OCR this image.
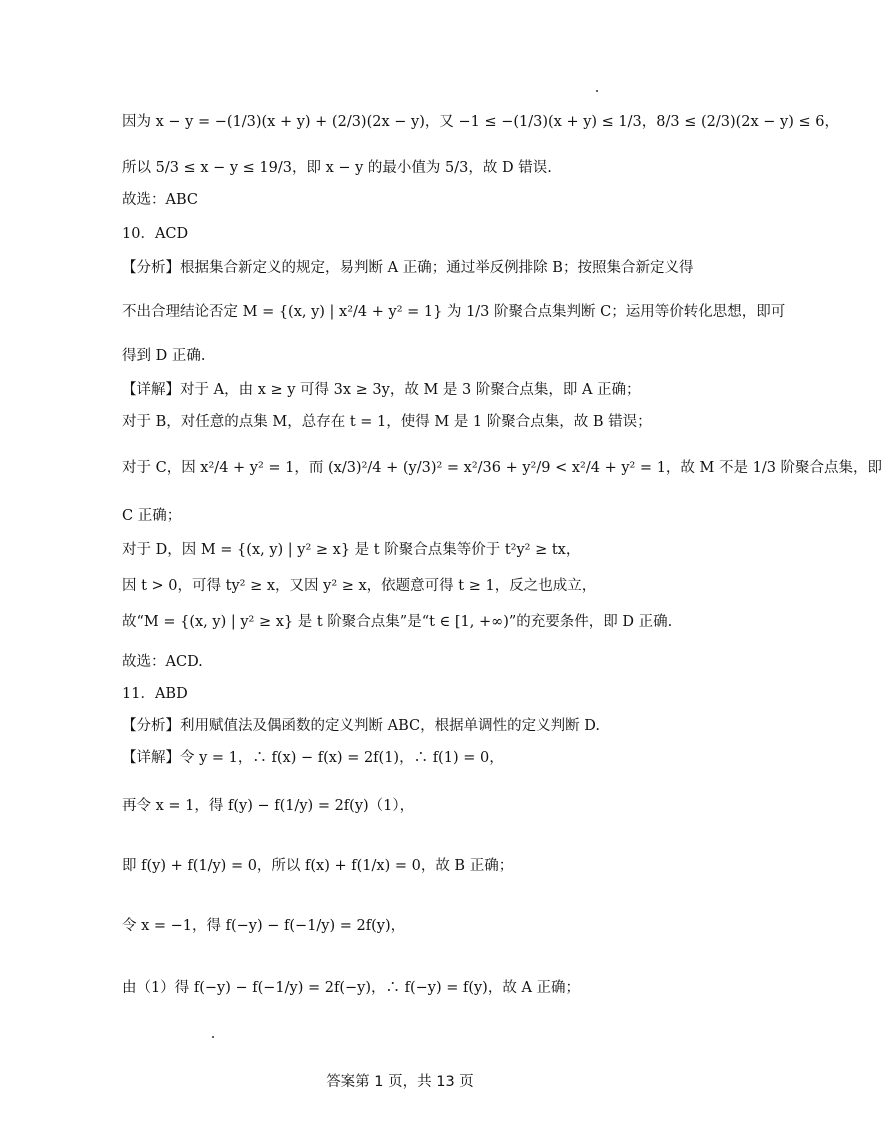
答案第 1 页，共 13 页
因为 x − y = −(1/3)(x + y) + (2/3)(2x − y)，又 −1 ≤ −(1/3)(x + y) ≤ 1/3，8/3 ≤ (2/3)(2x − y) ≤ 6，
所以 5/3 ≤ x − y ≤ 19/3，即 x − y 的最小值为 5/3，故 D 错误.
故选：ABC
10．ACD
【分析】根据集合新定义的规定，易判断 A 正确；通过举反例排除 B；按照集合新定义得
不出合理结论否定 M = {(x, y) | x²/4 + y² = 1} 为 1/3 阶聚合点集判断 C；运用等价转化思想，即可
得到 D 正确.
【详解】对于 A，由 x ≥ y 可得 3x ≥ 3y，故 M 是 3 阶聚合点集，即 A 正确；
对于 B，对任意的点集 M，总存在 t = 1，使得 M 是 1 阶聚合点集，故 B 错误；
对于 C，因 x²/4 + y² = 1，而 (x/3)²/4 + (y/3)² = x²/36 + y²/9 < x²/4 + y² = 1，故 M 不是 1/3 阶聚合点集，即
C 正确；
对于 D，因 M = {(x, y) | y² ≥ x} 是 t 阶聚合点集等价于 t²y² ≥ tx，
因 t > 0，可得 ty² ≥ x，又因 y² ≥ x，依题意可得 t ≥ 1，反之也成立，
故“M = {(x, y) | y² ≥ x} 是 t 阶聚合点集”是“t ∈ [1, +∞)”的充要条件，即 D 正确.
故选：ACD.
11．ABD
【分析】利用赋值法及偶函数的定义判断 ABC，根据单调性的定义判断 D.
【详解】令 y = 1，∴ f(x) − f(x) = 2f(1)，∴ f(1) = 0，
再令 x = 1，得 f(y) − f(1/y) = 2f(y)（1），
即 f(y) + f(1/y) = 0，所以 f(x) + f(1/x) = 0，故 B 正确；
令 x = −1，得 f(−y) − f(−1/y) = 2f(y)，
由（1）得 f(−y) − f(−1/y) = 2f(−y)，∴ f(−y) = f(y)，故 A 正确；
